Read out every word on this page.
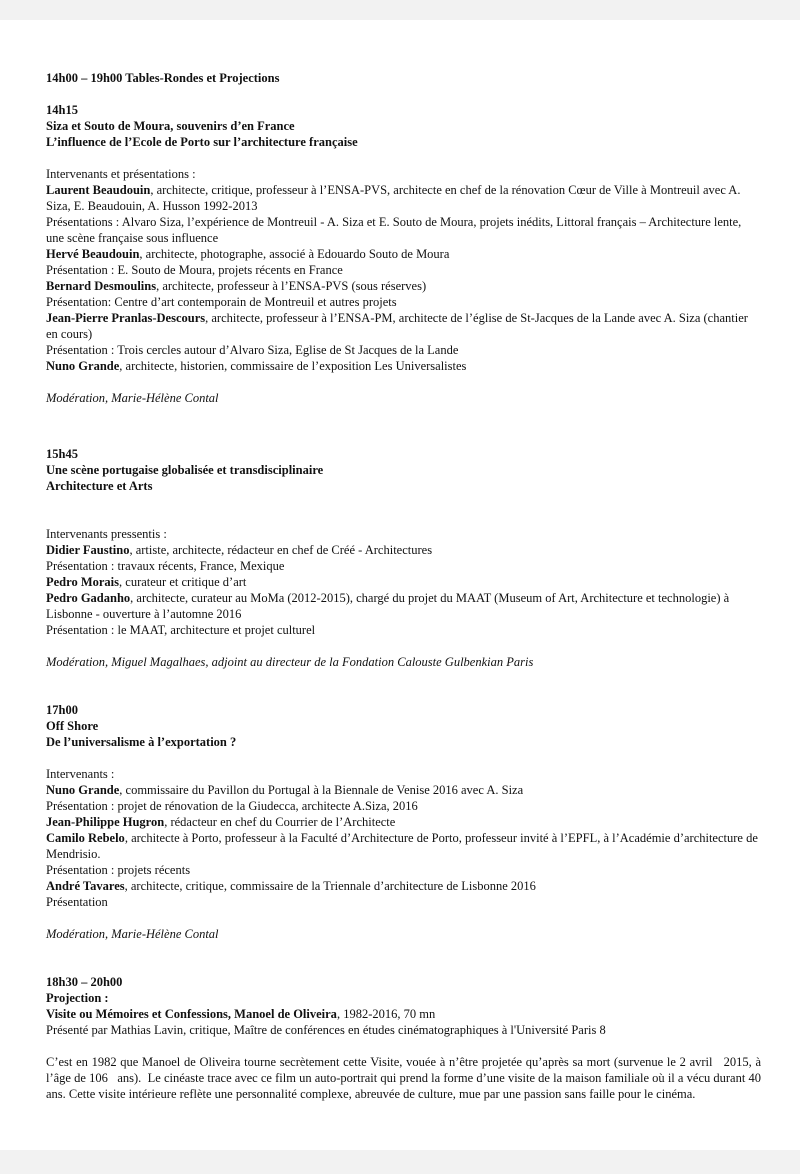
14h00 – 19h00 Tables-Rondes et Projections

14h15

Siza et Souto de Moura, souvenirs d’en France

L’influence de l’Ecole de Porto sur l’architecture française

Intervenants et présentations :

Laurent Beaudouin, architecte, critique, professeur à l’ENSA-PVS, architecte en chef de la rénovation Cœur de Ville à Montreuil avec A. Siza, E. Beaudouin, A. Husson 1992-2013

Présentations : Alvaro Siza, l’expérience de Montreuil - A. Siza et E. Souto de Moura, projets inédits, Littoral français – Architecture lente, une scène française sous influence

Hervé Beaudouin, architecte, photographe, associé à Edouardo Souto de Moura

Présentation : E. Souto de Moura, projets récents en France

Bernard Desmoulins, architecte, professeur à l’ENSA-PVS (sous réserves)

Présentation: Centre d’art contemporain de Montreuil et autres projets

Jean-Pierre Pranlas-Descours, architecte, professeur à l’ENSA-PM, architecte de l’église de St-Jacques de la Lande avec A. Siza (chantier en cours)

Présentation : Trois cercles autour d’Alvaro Siza, Eglise de St Jacques de la Lande

Nuno Grande, architecte, historien, commissaire de l’exposition Les Universalistes

Modération, Marie-Hélène Contal

15h45

Une scène portugaise globalisée et transdisciplinaire

Architecture et Arts

Intervenants pressentis :

Didier Faustino, artiste, architecte, rédacteur en chef de Créé - Architectures

Présentation : travaux récents, France, Mexique

Pedro Morais, curateur et critique d’art

Pedro Gadanho, architecte, curateur au MoMa (2012-2015), chargé du projet du MAAT (Museum of Art, Architecture et technologie) à Lisbonne - ouverture à l’automne 2016

Présentation : le MAAT, architecture et projet culturel

Modération, Miguel Magalhaes, adjoint au directeur de la Fondation Calouste Gulbenkian Paris

17h00

Off Shore

De l’universalisme à l’exportation ?

Intervenants :

Nuno Grande, commissaire du Pavillon du Portugal à la Biennale de Venise 2016 avec A. Siza

Présentation : projet de rénovation de la Giudecca, architecte A.Siza, 2016

Jean-Philippe Hugron, rédacteur en chef du Courrier de l’Architecte

Camilo Rebelo, architecte à Porto, professeur à la Faculté d’Architecture de Porto, professeur invité à l’EPFL, à l’Académie d’architecture de Mendrisio.

Présentation : projets récents

André Tavares, architecte, critique, commissaire de la Triennale d’architecture de Lisbonne 2016

Présentation

Modération, Marie-Hélène Contal

18h30 – 20h00

Projection :

Visite ou Mémoires et Confessions, Manoel de Oliveira, 1982-2016, 70 mn

Présenté par Mathias Lavin, critique, Maître de conférences en études cinématographiques à l'Université Paris 8

C’est en 1982 que Manoel de Oliveira tourne secrètement cette Visite, vouée à n’être projetée qu’après sa mort (survenue le 2 avril   2015, à l’âge de 106   ans).  Le cinéaste trace avec ce film un auto-portrait qui prend la forme d’une visite de la maison familiale où il a vécu durant 40 ans. Cette visite intérieure reflète une personnalité complexe, abreuvée de culture, mue par une passion sans faille pour le cinéma.
